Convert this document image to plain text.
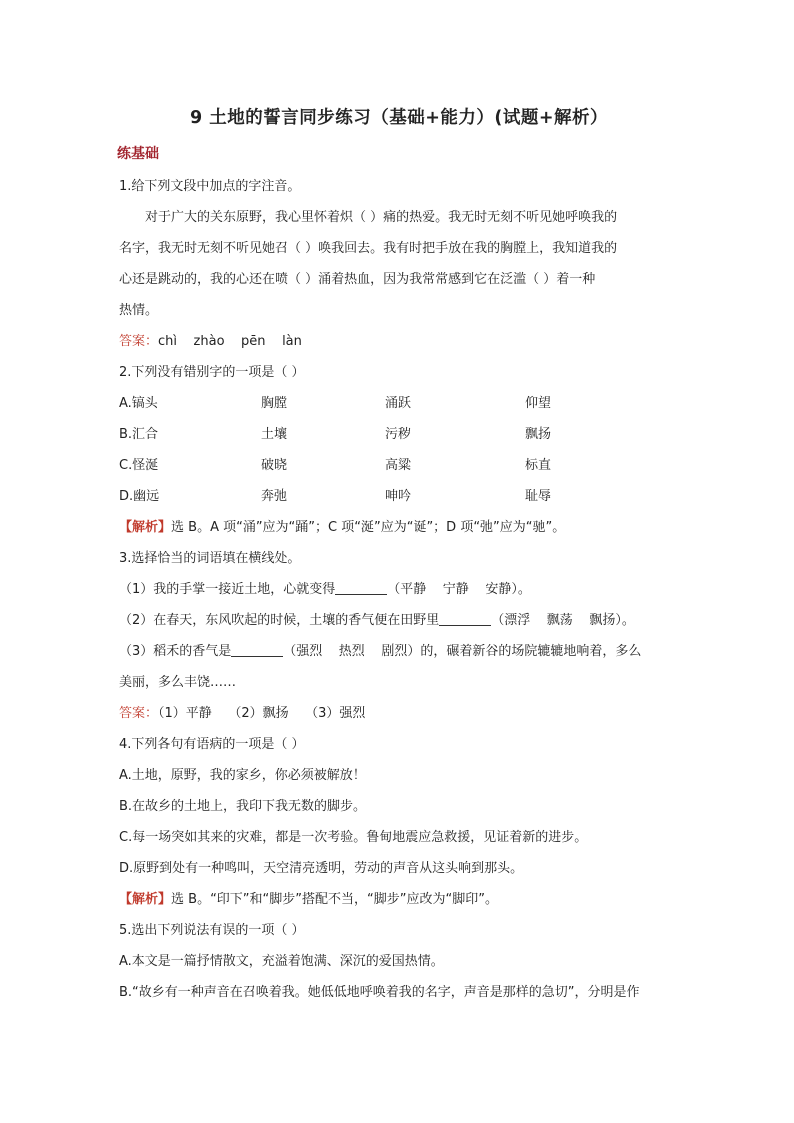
9 土地的誓言同步练习（基础+能力）(试题+解析）
练基础

1.给下列文段中加点的字注音。

对于广大的关东原野，我心里怀着炽（ ）痛的热爱。我无时无刻不听见她呼唤我的

名字，我无时无刻不听见她召（ ）唤我回去。我有时把手放在我的胸膛上，我知道我的

心还是跳动的，我的心还在喷（ ）涌着热血，因为我常常感到它在泛滥（ ）着一种

热情。

答案：chì    zhào    pēn    làn

2.下列没有错别字的一项是（ ）

A.镐头	胸膛	涌跃	仰望
B.汇合	土壤	污秽	飘扬
C.怪涎	破晓	高粱	标直
D.幽远	奔弛	呻吟	耻辱

【解析】选 B。A 项“涌”应为“踊”；C 项“涎”应为“诞”；D 项“弛”应为“驰”。

3.选择恰当的词语填在横线处。

（1）我的手掌一接近土地，心就变得	（平静    宁静    安静）。

（2）在春天，东风吹起的时候，土壤的香气便在田野里	（漂浮    飘荡    飘扬）。

（3）稻禾的香气是	（强烈    热烈    剧烈）的，碾着新谷的场院辘辘地响着，多么

美丽，多么丰饶……

答案：（1）平静    （2）飘扬    （3）强烈

4.下列各句有语病的一项是（ ）

A.土地，原野，我的家乡，你必须被解放！

B.在故乡的土地上，我印下我无数的脚步。

C.每一场突如其来的灾难，都是一次考验。鲁甸地震应急救援，见证着新的进步。

D.原野到处有一种鸣叫，天空清亮透明，劳动的声音从这头响到那头。

【解析】选 B。“印下”和“脚步”搭配不当，“脚步”应改为“脚印”。

5.选出下列说法有误的一项（ ）

A.本文是一篇抒情散文，充溢着饱满、深沉的爱国热情。

B.“故乡有一种声音在召唤着我。她低低地呼唤着我的名字，声音是那样的急切”，分明是作
